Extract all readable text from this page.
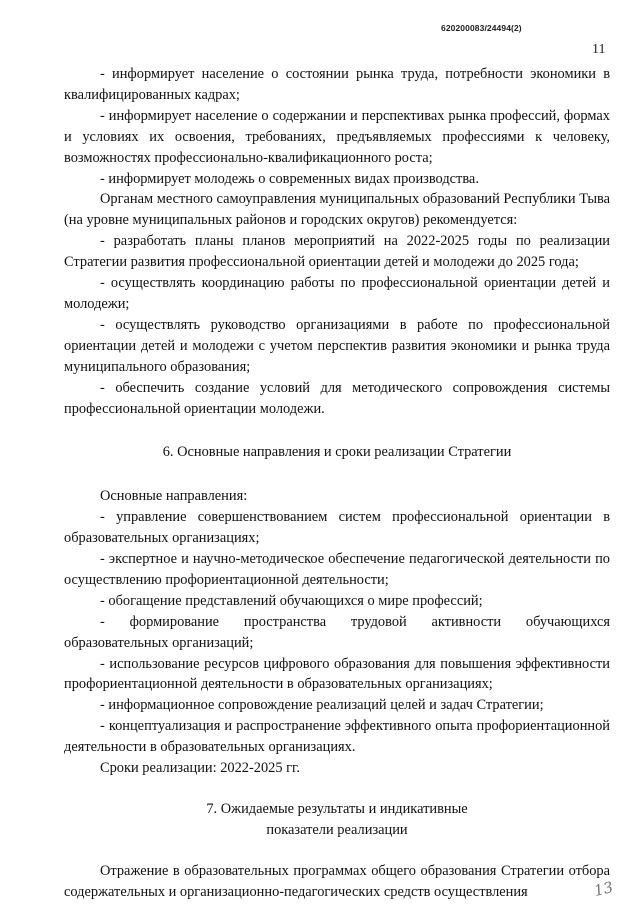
620200083/24494(2)
11

- информирует население о состоянии рынка труда, потребности экономики в квалифицированных кадрах;

- информирует население о содержании и перспективах рынка профессий, формах и условиях их освоения, требованиях, предъявляемых профессиями к человеку, возможностях профессионально-квалификационного роста;

- информирует молодежь о современных видах производства.

Органам местного самоуправления муниципальных образований Республики Тыва (на уровне муниципальных районов и городских округов) рекомендуется:

- разработать планы планов мероприятий на 2022-2025 годы по реализации Стратегии развития профессиональной ориентации детей и молодежи до 2025 года;

- осуществлять координацию работы по профессиональной ориентации детей и молодежи;

- осуществлять руководство организациями в работе по профессиональной ориентации детей и молодежи с учетом перспектив развития экономики и рынка труда муниципального образования;

- обеспечить создание условий для методического сопровождения системы профессиональной ориентации молодежи.

6. Основные направления и сроки реализации Стратегии

Основные направления:

- управление совершенствованием систем профессиональной ориентации в образовательных организациях;

- экспертное и научно-методическое обеспечение педагогической деятельности по осуществлению профориентационной деятельности;

- обогащение представлений обучающихся о мире профессий;

- формирование пространства трудовой активности обучающихся образовательных организаций;

- использование ресурсов цифрового образования для повышения эффективности профориентационной деятельности в образовательных организациях;

- информационное сопровождение реализаций целей и задач Стратегии;

- концептуализация и распространение эффективного опыта профориентационной деятельности в образовательных организациях.

Сроки реализации: 2022-2025 гг.

7. Ожидаемые результаты и индикативные
показатели реализации

Отражение в образовательных программах общего образования Стратегии отбора содержательных и организационно-педагогических средств осуществления	13
